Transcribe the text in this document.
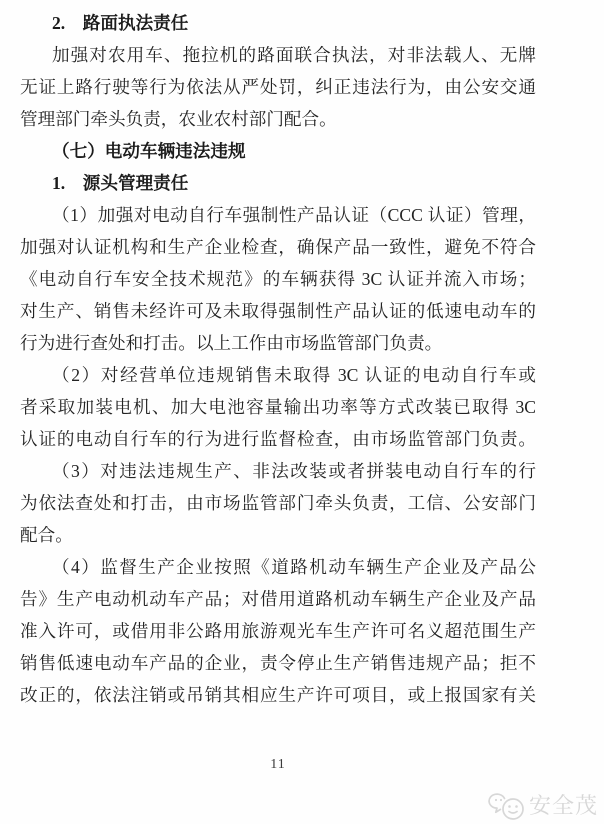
2.　路面执法责任
加强对农用车、拖拉机的路面联合执法，对非法载人、无牌
无证上路行驶等行为依法从严处罚，纠正违法行为，由公安交通
管理部门牵头负责，农业农村部门配合。
（七）电动车辆违法违规
1.　源头管理责任
（1）加强对电动自行车强制性产品认证（CCC 认证）管理，
加强对认证机构和生产企业检查，确保产品一致性，避免不符合
《电动自行车安全技术规范》的车辆获得 3C 认证并流入市场；
对生产、销售未经许可及未取得强制性产品认证的低速电动车的
行为进行查处和打击。以上工作由市场监管部门负责。
（2）对经营单位违规销售未取得 3C 认证的电动自行车或
者采取加装电机、加大电池容量输出功率等方式改装已取得 3C
认证的电动自行车的行为进行监督检查，由市场监管部门负责。
（3）对违法违规生产、非法改装或者拼装电动自行车的行
为依法查处和打击，由市场监管部门牵头负责，工信、公安部门
配合。
（4）监督生产企业按照《道路机动车辆生产企业及产品公
告》生产电动机动车产品；对借用道路机动车辆生产企业及产品
准入许可，或借用非公路用旅游观光车生产许可名义超范围生产
销售低速电动车产品的企业，责令停止生产销售违规产品；拒不
改正的，依法注销或吊销其相应生产许可项目，或上报国家有关
11
安全茂
